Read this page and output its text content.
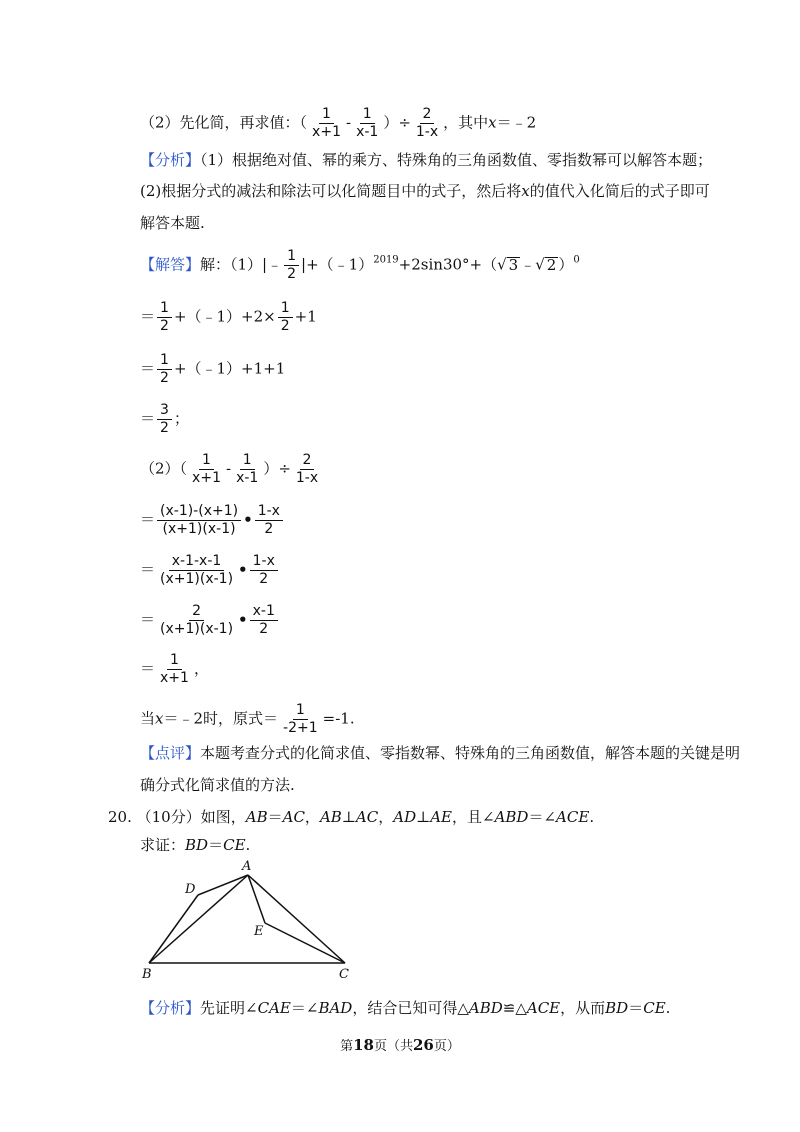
（2）先化简，再求值：（ $\frac{1}{x+1} - \frac{1}{x-1}$ ）÷ $\frac{2}{1-x}$ ，其中x＝﹣2
【分析】（1）根据绝对值、幂的乘方、特殊角的三角函数值、零指数幂可以解答本题；
(2)根据分式的减法和除法可以化简题目中的式子，然后将x的值代入化简后的式子即可
解答本题.
【解答】解：（1）|﹣ $\frac{1}{2}$ |+（﹣1）$^{2019}$+2sin30°+（√ 3 ﹣√ 2 ）$^0$
＝ $\frac{1}{2}$ +（﹣1）+2× $\frac{1}{2} +1$
＝ $\frac{1}{2}$ +（﹣1）+1+1
＝ $\frac{3}{2}$ ；
$(2)( \frac{1}{x+1} - \frac{1}{x-1}$ ）÷ $\frac{2}{1-x}$
＝ $\frac{(x-1)-(x+1)}{(x+1)(x-1)}$ • $\frac{1-x}{2}$
＝ $\frac{x-1-x-1}{(x+1)(x-1)}$ • $\frac{1-x}{2}$
＝ $\frac{2}{(x+1)(x-1)}$ • $\frac{x-1}{2}$
＝ $\frac{1}{x+1}$ ，
当x＝﹣2时，原式＝ $\frac{1}{-2+1} =-1$.
【点评】本题考查分式的化简求值、零指数幂、特殊角的三角函数值，解答本题的关键是明
确分式化简求值的方法.
20. （10分）如图，AB＝AC，AB⊥AC，AD⊥AE，且∠ABD＝∠ACE.
求证：BD＝CE.
A
B	C
D
E
【分析】先证明∠CAE＝∠BAD，结合已知可得△ABD≌△ACE，从而BD＝CE.
第18页（共26页）
